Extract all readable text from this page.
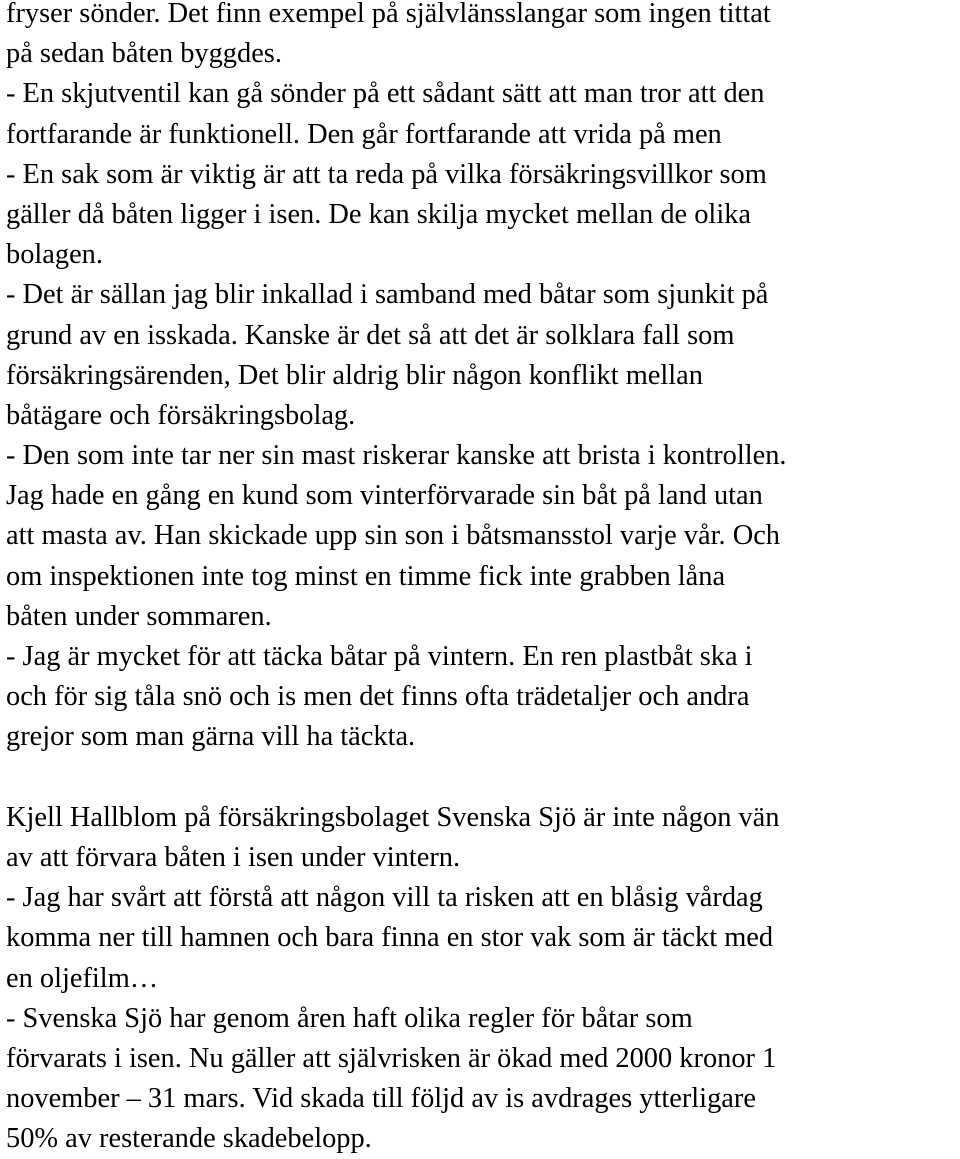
fryser sönder. Det finn exempel på självlänsslangar som ingen tittat
på sedan båten byggdes.
- En skjutventil kan gå sönder på ett sådant sätt att man tror att den
fortfarande är funktionell. Den går fortfarande att vrida på men
- En sak som är viktig är att ta reda på vilka försäkringsvillkor som
gäller då båten ligger i isen. De kan skilja mycket mellan de olika
bolagen.
- Det är sällan jag blir inkallad i samband med båtar som sjunkit på
grund av en isskada. Kanske är det så att det är solklara fall som
försäkringsärenden, Det blir aldrig blir någon konflikt mellan
båtägare och försäkringsbolag.
- Den som inte tar ner sin mast riskerar kanske att brista i kontrollen.
Jag hade en gång en kund som vinterförvarade sin båt på land utan
att masta av. Han skickade upp sin son i båtsmansstol varje vår. Och
om inspektionen inte tog minst en timme fick inte grabben låna
båten under sommaren.
- Jag är mycket för att täcka båtar på vintern. En ren plastbåt ska i
och för sig tåla snö och is men det finns ofta trädetaljer och andra
grejor som man gärna vill ha täckta.
Kjell Hallblom på försäkringsbolaget Svenska Sjö är inte någon vän
av att förvara båten i isen under vintern.
- Jag har svårt att förstå att någon vill ta risken att en blåsig vårdag
komma ner till hamnen och bara finna en stor vak som är täckt med
en oljefilm…
- Svenska Sjö har genom åren haft olika regler för båtar som
förvarats i isen. Nu gäller att självrisken är ökad med 2000 kronor 1
november – 31 mars. Vid skada till följd av is avdrages ytterligare
50% av resterande skadebelopp.
